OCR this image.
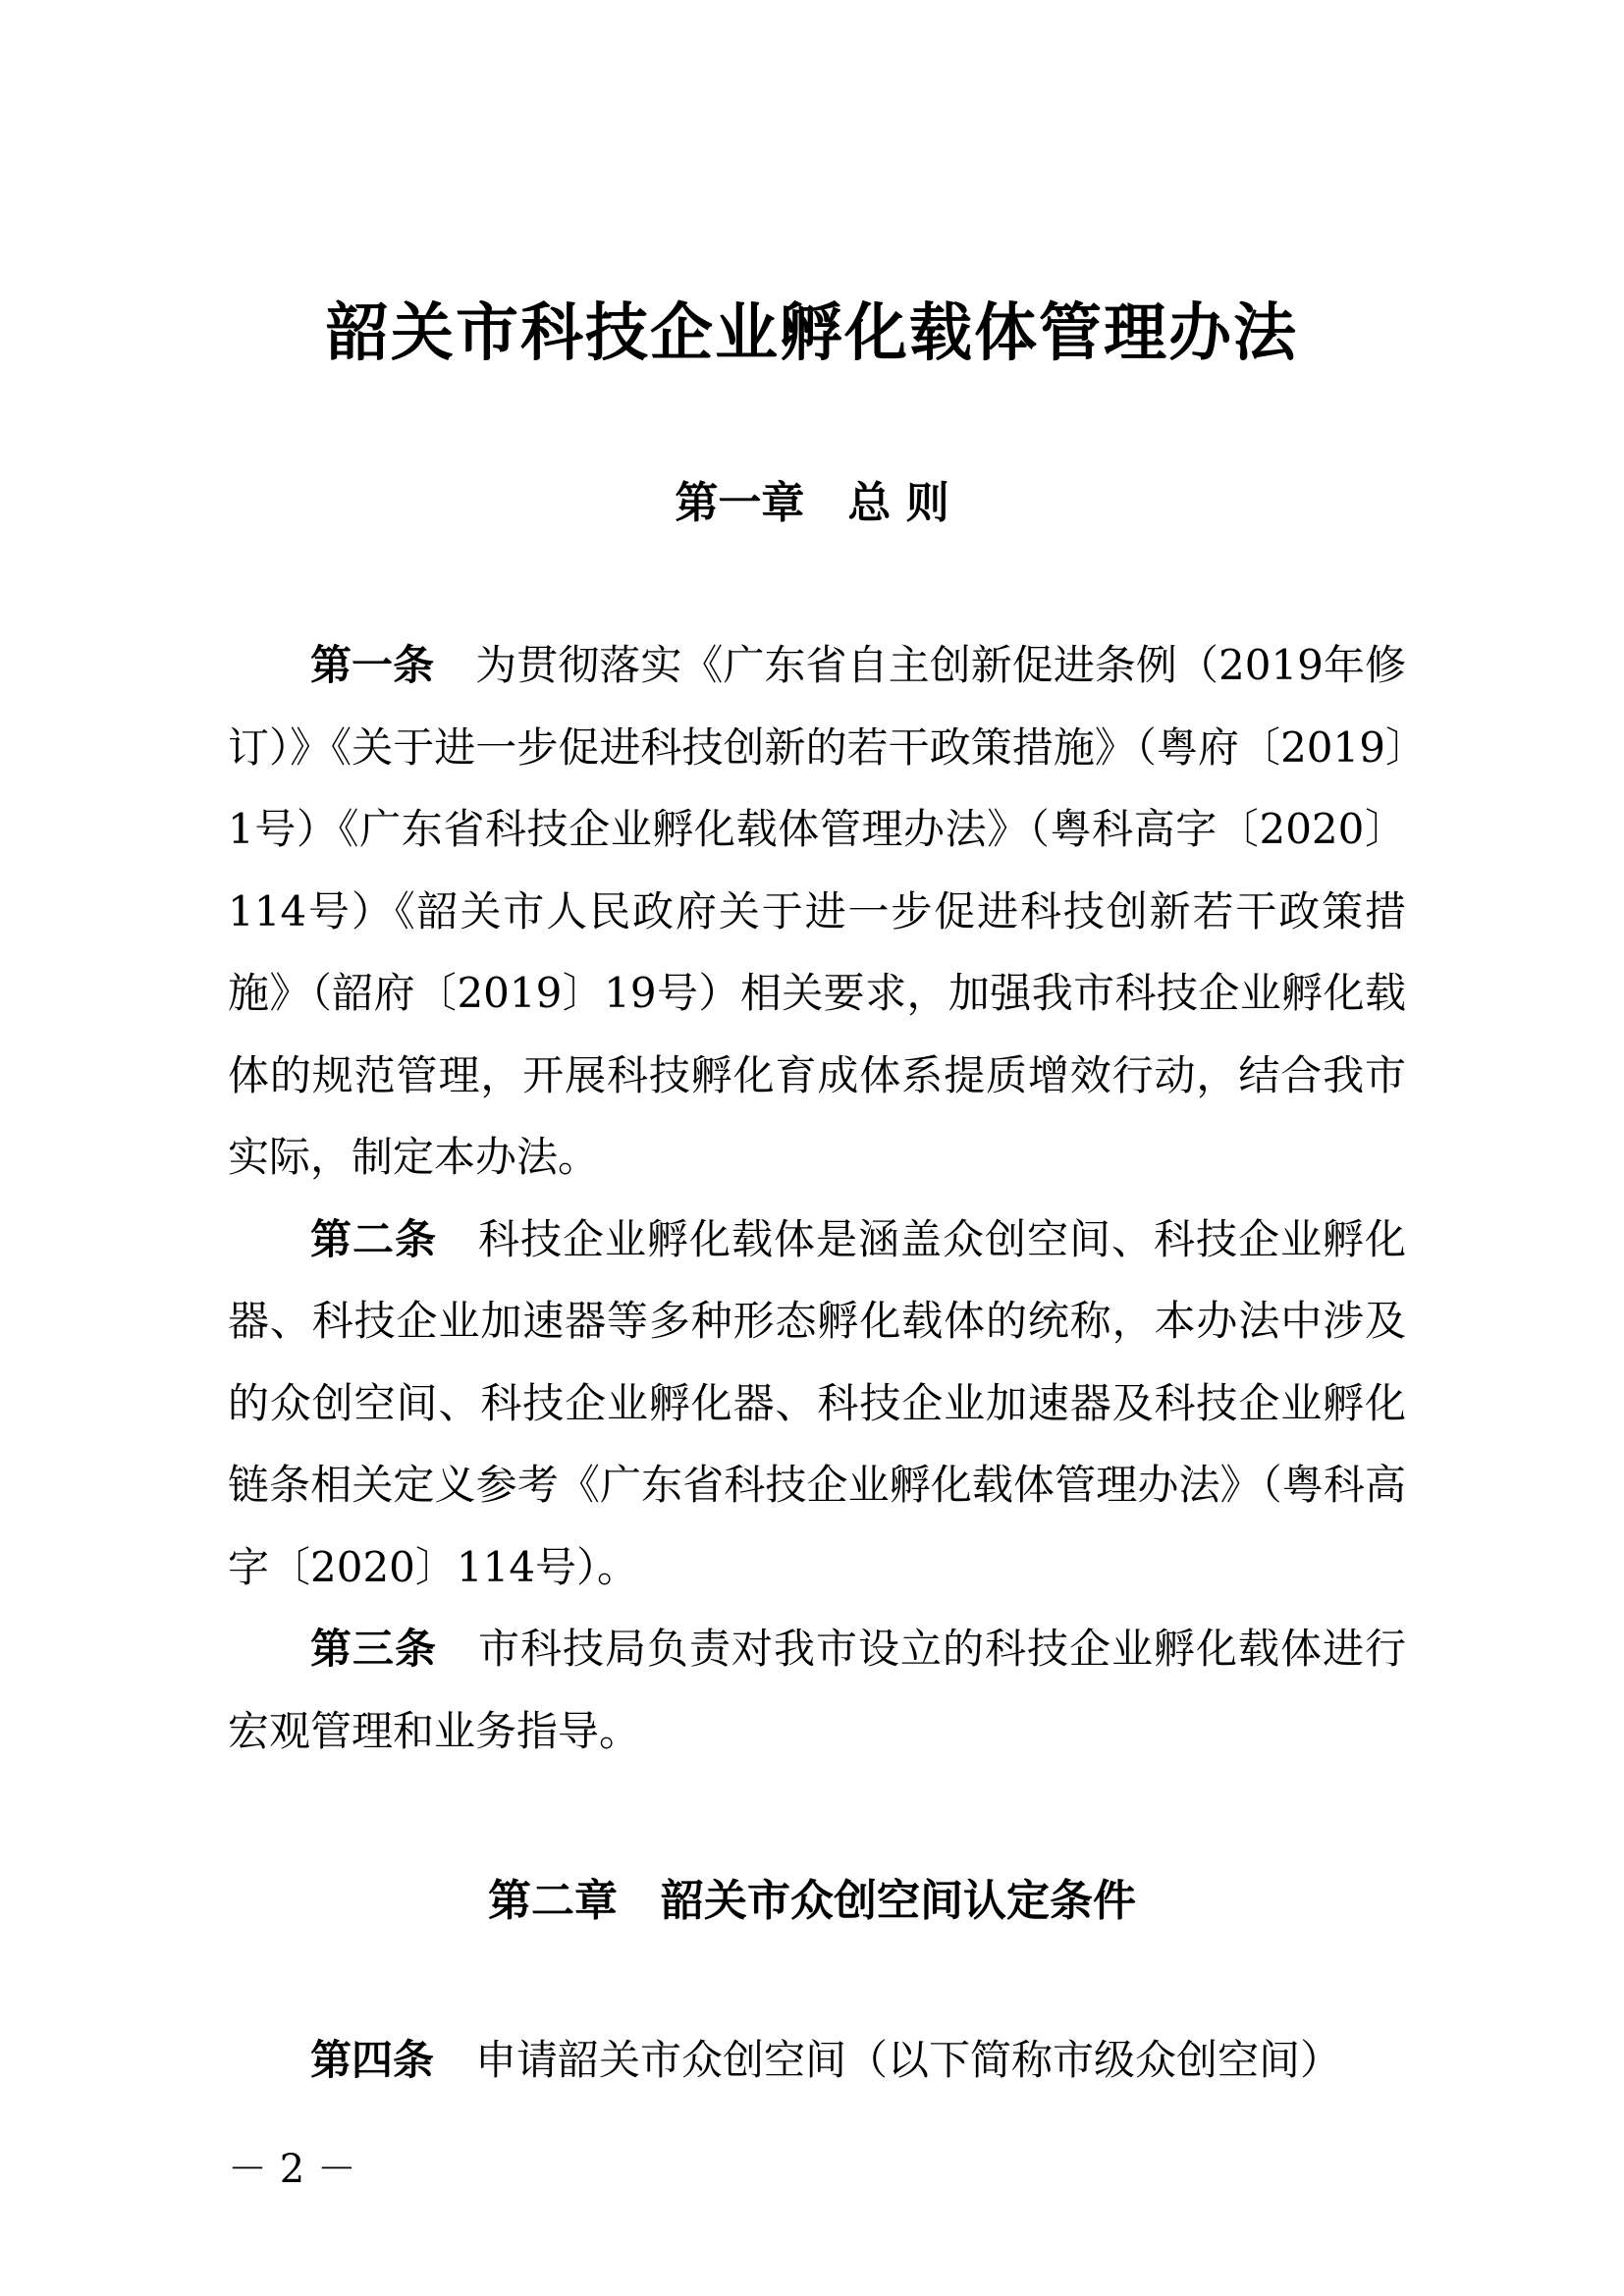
韶关市科技企业孵化载体管理办法
第一章　总 则

第一条 为贯彻落实《广东省自主创新促进条例（2019年修订）》《关于进一步促进科技创新的若干政策措施》（粤府〔2019〕1号）《广东省科技企业孵化载体管理办法》（粤科高字〔2020〕114号）《韶关市人民政府关于进一步促进科技创新若干政策措施》（韶府〔2019〕19号）相关要求，加强我市科技企业孵化载体的规范管理，开展科技孵化育成体系提质增效行动，结合我市实际，制定本办法。

第二条 科技企业孵化载体是涵盖众创空间、科技企业孵化器、科技企业加速器等多种形态孵化载体的统称，本办法中涉及的众创空间、科技企业孵化器、科技企业加速器及科技企业孵化链条相关定义参考《广东省科技企业孵化载体管理办法》（粤科高字〔2020〕114号）。

第三条 市科技局负责对我市设立的科技企业孵化载体进行宏观管理和业务指导。

第二章　韶关市众创空间认定条件

第四条 申请韶关市众创空间（以下简称市级众创空间）

－ 2 －
